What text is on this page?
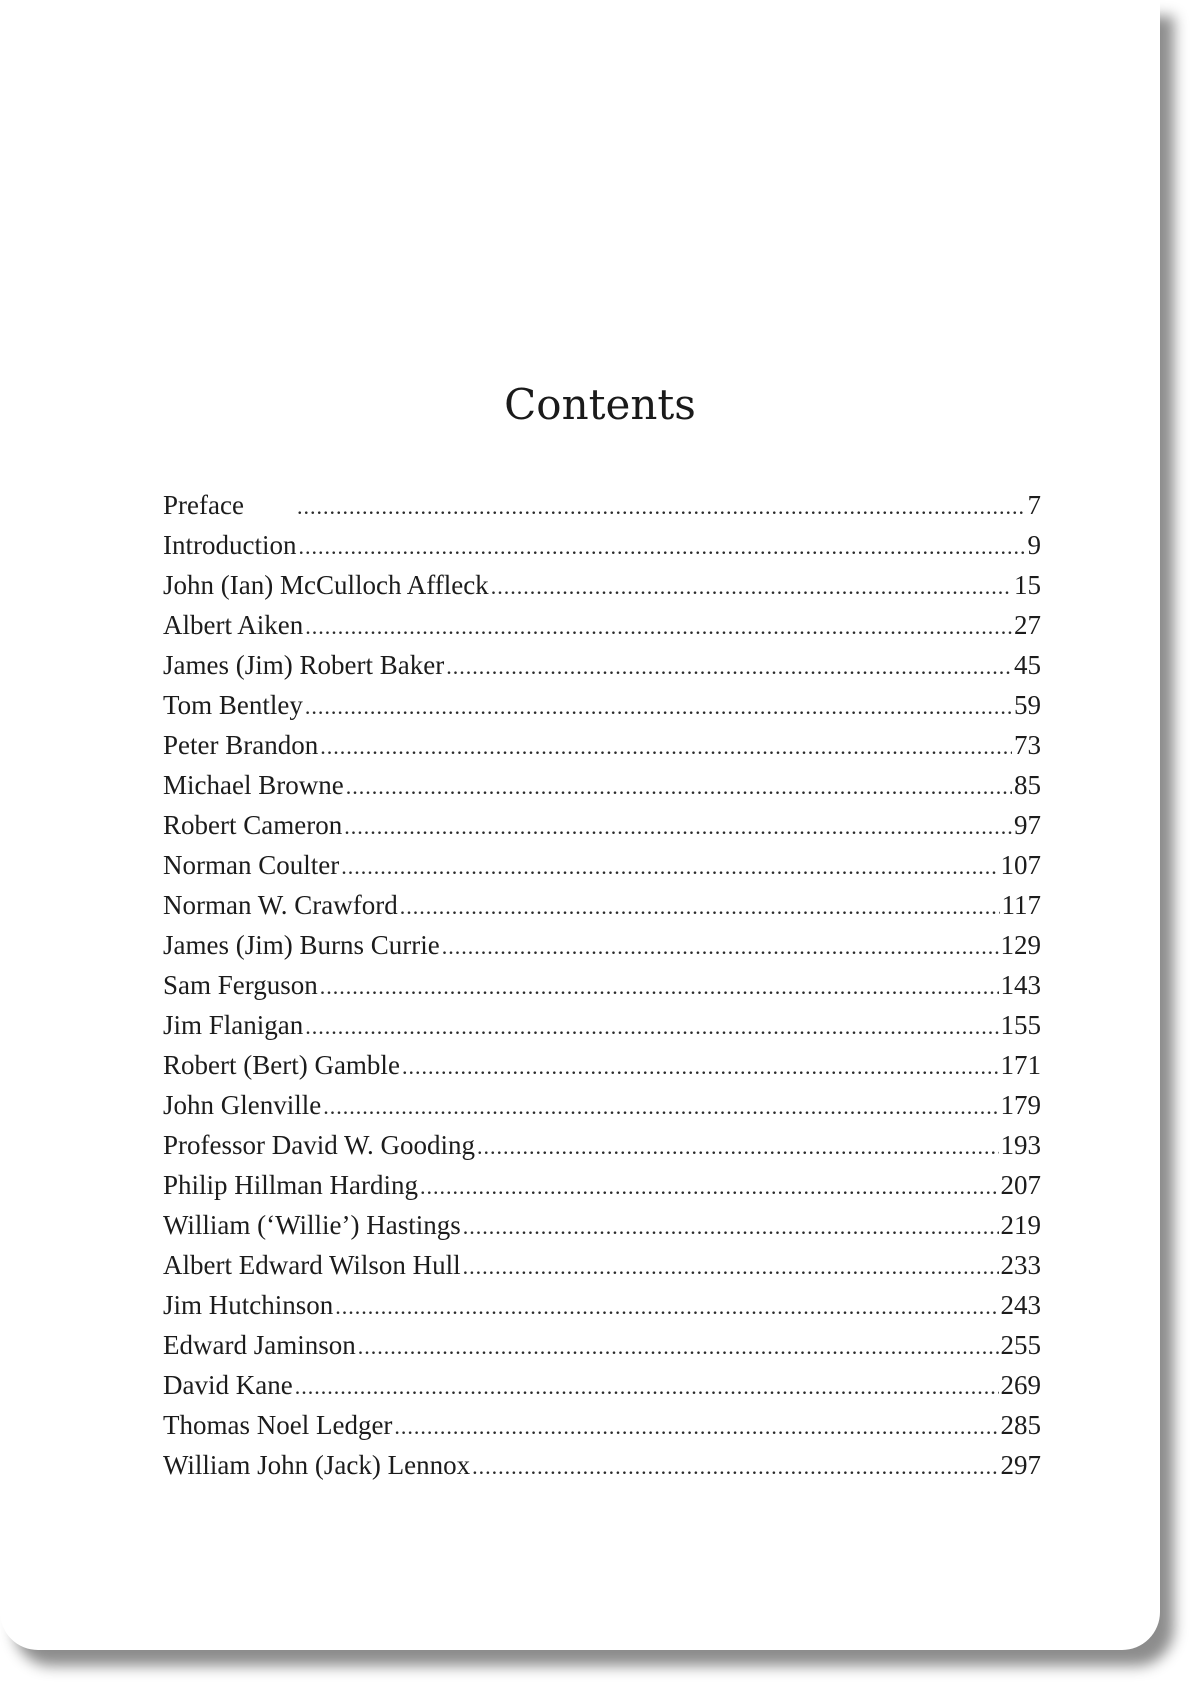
Contents
Preface .....	7
Introduction .....	9
John (Ian) McCulloch Affleck .....	15
Albert Aiken .....	27
James (Jim) Robert Baker .....	45
Tom Bentley .....	59
Peter Brandon .....	73
Michael Browne .....	85
Robert Cameron .....	97
Norman Coulter .....	107
Norman W. Crawford .....	117
James (Jim) Burns Currie .....	129
Sam Ferguson .....	143
Jim Flanigan .....	155
Robert (Bert) Gamble .....	171
John Glenville .....	179
Professor David W. Gooding .....	193
Philip Hillman Harding .....	207
William (‘Willie’) Hastings .....	219
Albert Edward Wilson Hull .....	233
Jim Hutchinson .....	243
Edward Jaminson .....	255
David Kane .....	269
Thomas Noel Ledger .....	285
William John (Jack) Lennox .....	297
